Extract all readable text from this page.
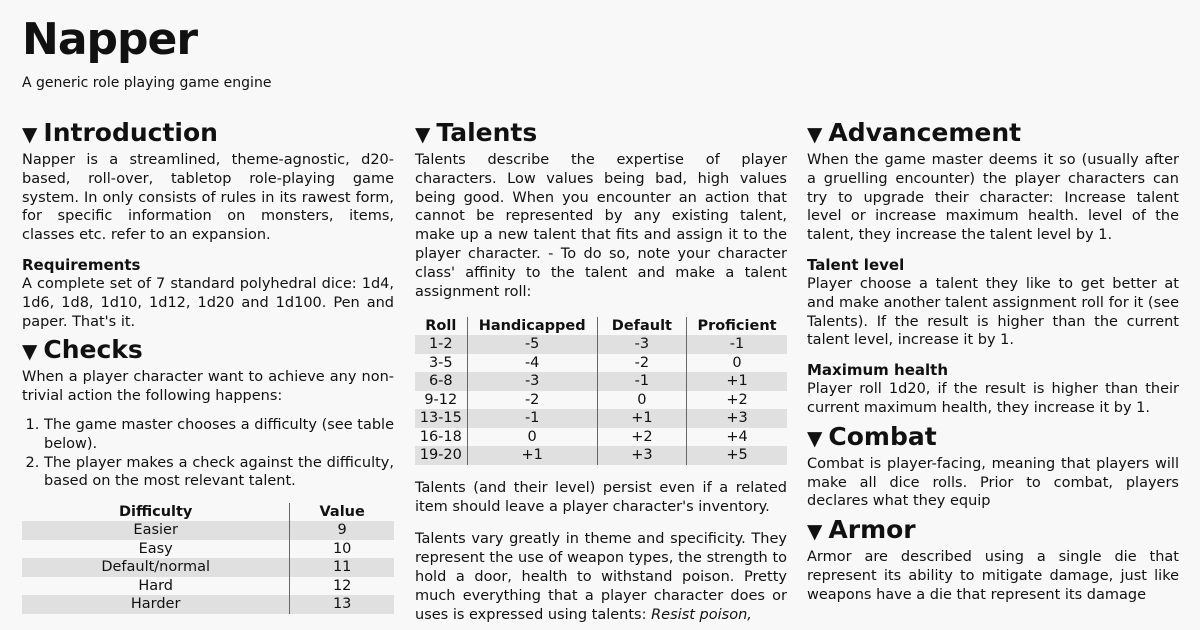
Napper
A generic role playing game engine
▼ Introduction

Napper is a streamlined, theme-agnostic, d20-based, roll-over, tabletop role-playing game system. In only consists of rules in its rawest form, for specific information on monsters, items, classes etc. refer to an expansion.

Requirements

A complete set of 7 standard polyhedral dice: 1d4, 1d6, 1d8, 1d10, 1d12, 1d20 and 1d100. Pen and paper. That's it.

▼ Checks

When a player character want to achieve any non-trivial action the following happens:

1. The game master chooses a difficulty (see table below).
2. The player makes a check against the difficulty, based on the most relevant talent.
Difficulty	Value
Easier	9
Easy	10
Default/normal	11
Hard	12
Harder	13
▼ Talents

Talents describe the expertise of player characters. Low values being bad, high values being good. When you encounter an action that cannot be represented by any existing talent, make up a new talent that fits and assign it to the player character. - To do so, note your character class' affinity to the talent and make a talent assignment roll:

Roll	Handicapped	Default	Proficient
1-2	-5	-3	-1
3-5	-4	-2	0
6-8	-3	-1	+1
9-12	-2	0	+2
13-15	-1	+1	+3
16-18	0	+2	+4
19-20	+1	+3	+5

Talents (and their level) persist even if a related item should leave a player character's inventory.

Talents vary greatly in theme and specificity. They represent the use of weapon types, the strength to hold a door, health to withstand poison. Pretty much everything that a player character does or uses is expressed using talents: Resist poison,

▼ Advancement

When the game master deems it so (usually after a gruelling encounter) the player characters can try to upgrade their character: Increase talent level or increase maximum health. level of the talent, they increase the talent level by 1.

Talent level

Player choose a talent they like to get better at and make another talent assignment roll for it (see Talents). If the result is higher than the current talent level, increase it by 1.

Maximum health

Player roll 1d20, if the result is higher than their current maximum health, they increase it by 1.

▼ Combat

Combat is player-facing, meaning that players will make all dice rolls. Prior to combat, players declares what they equip

▼ Armor

Armor are described using a single die that represent its ability to mitigate damage, just like weapons have a die that represent its damage
